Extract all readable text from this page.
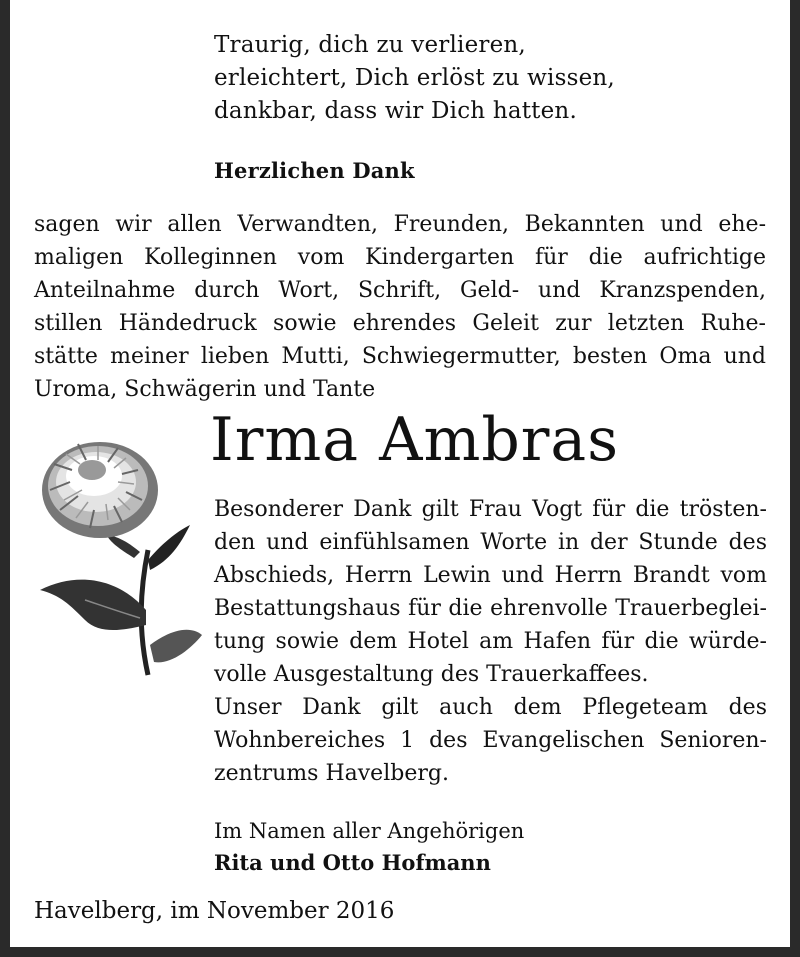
Traurig, dich zu verlieren,

erleichtert, Dich erlöst zu wissen,

dankbar, dass wir Dich hatten.

Herzlichen Dank

sagen wir allen Verwandten, Freunden, Bekannten und ehe-

maligen Kolleginnen vom Kindergarten für die aufrichtige

Anteilnahme durch Wort, Schrift, Geld- und Kranzspenden,

stillen Händedruck sowie ehrendes Geleit zur letzten Ruhe-

stätte meiner lieben Mutti, Schwiegermutter, besten Oma und

Uroma, Schwägerin und Tante

Irma Ambras

Besonderer Dank gilt Frau Vogt für die trösten-

den und einfühlsamen Worte in der Stunde des

Abschieds, Herrn Lewin und Herrn Brandt vom

Bestattungshaus für die ehrenvolle Trauerbeglei-

tung sowie dem Hotel am Hafen für die würde-

volle Ausgestaltung des Trauerkaffees.

Unser Dank gilt auch dem Pflegeteam des

Wohnbereiches 1 des Evangelischen Senioren-

zentrums Havelberg.

Im Namen aller Angehörigen

Rita und Otto Hofmann

Havelberg, im November 2016
